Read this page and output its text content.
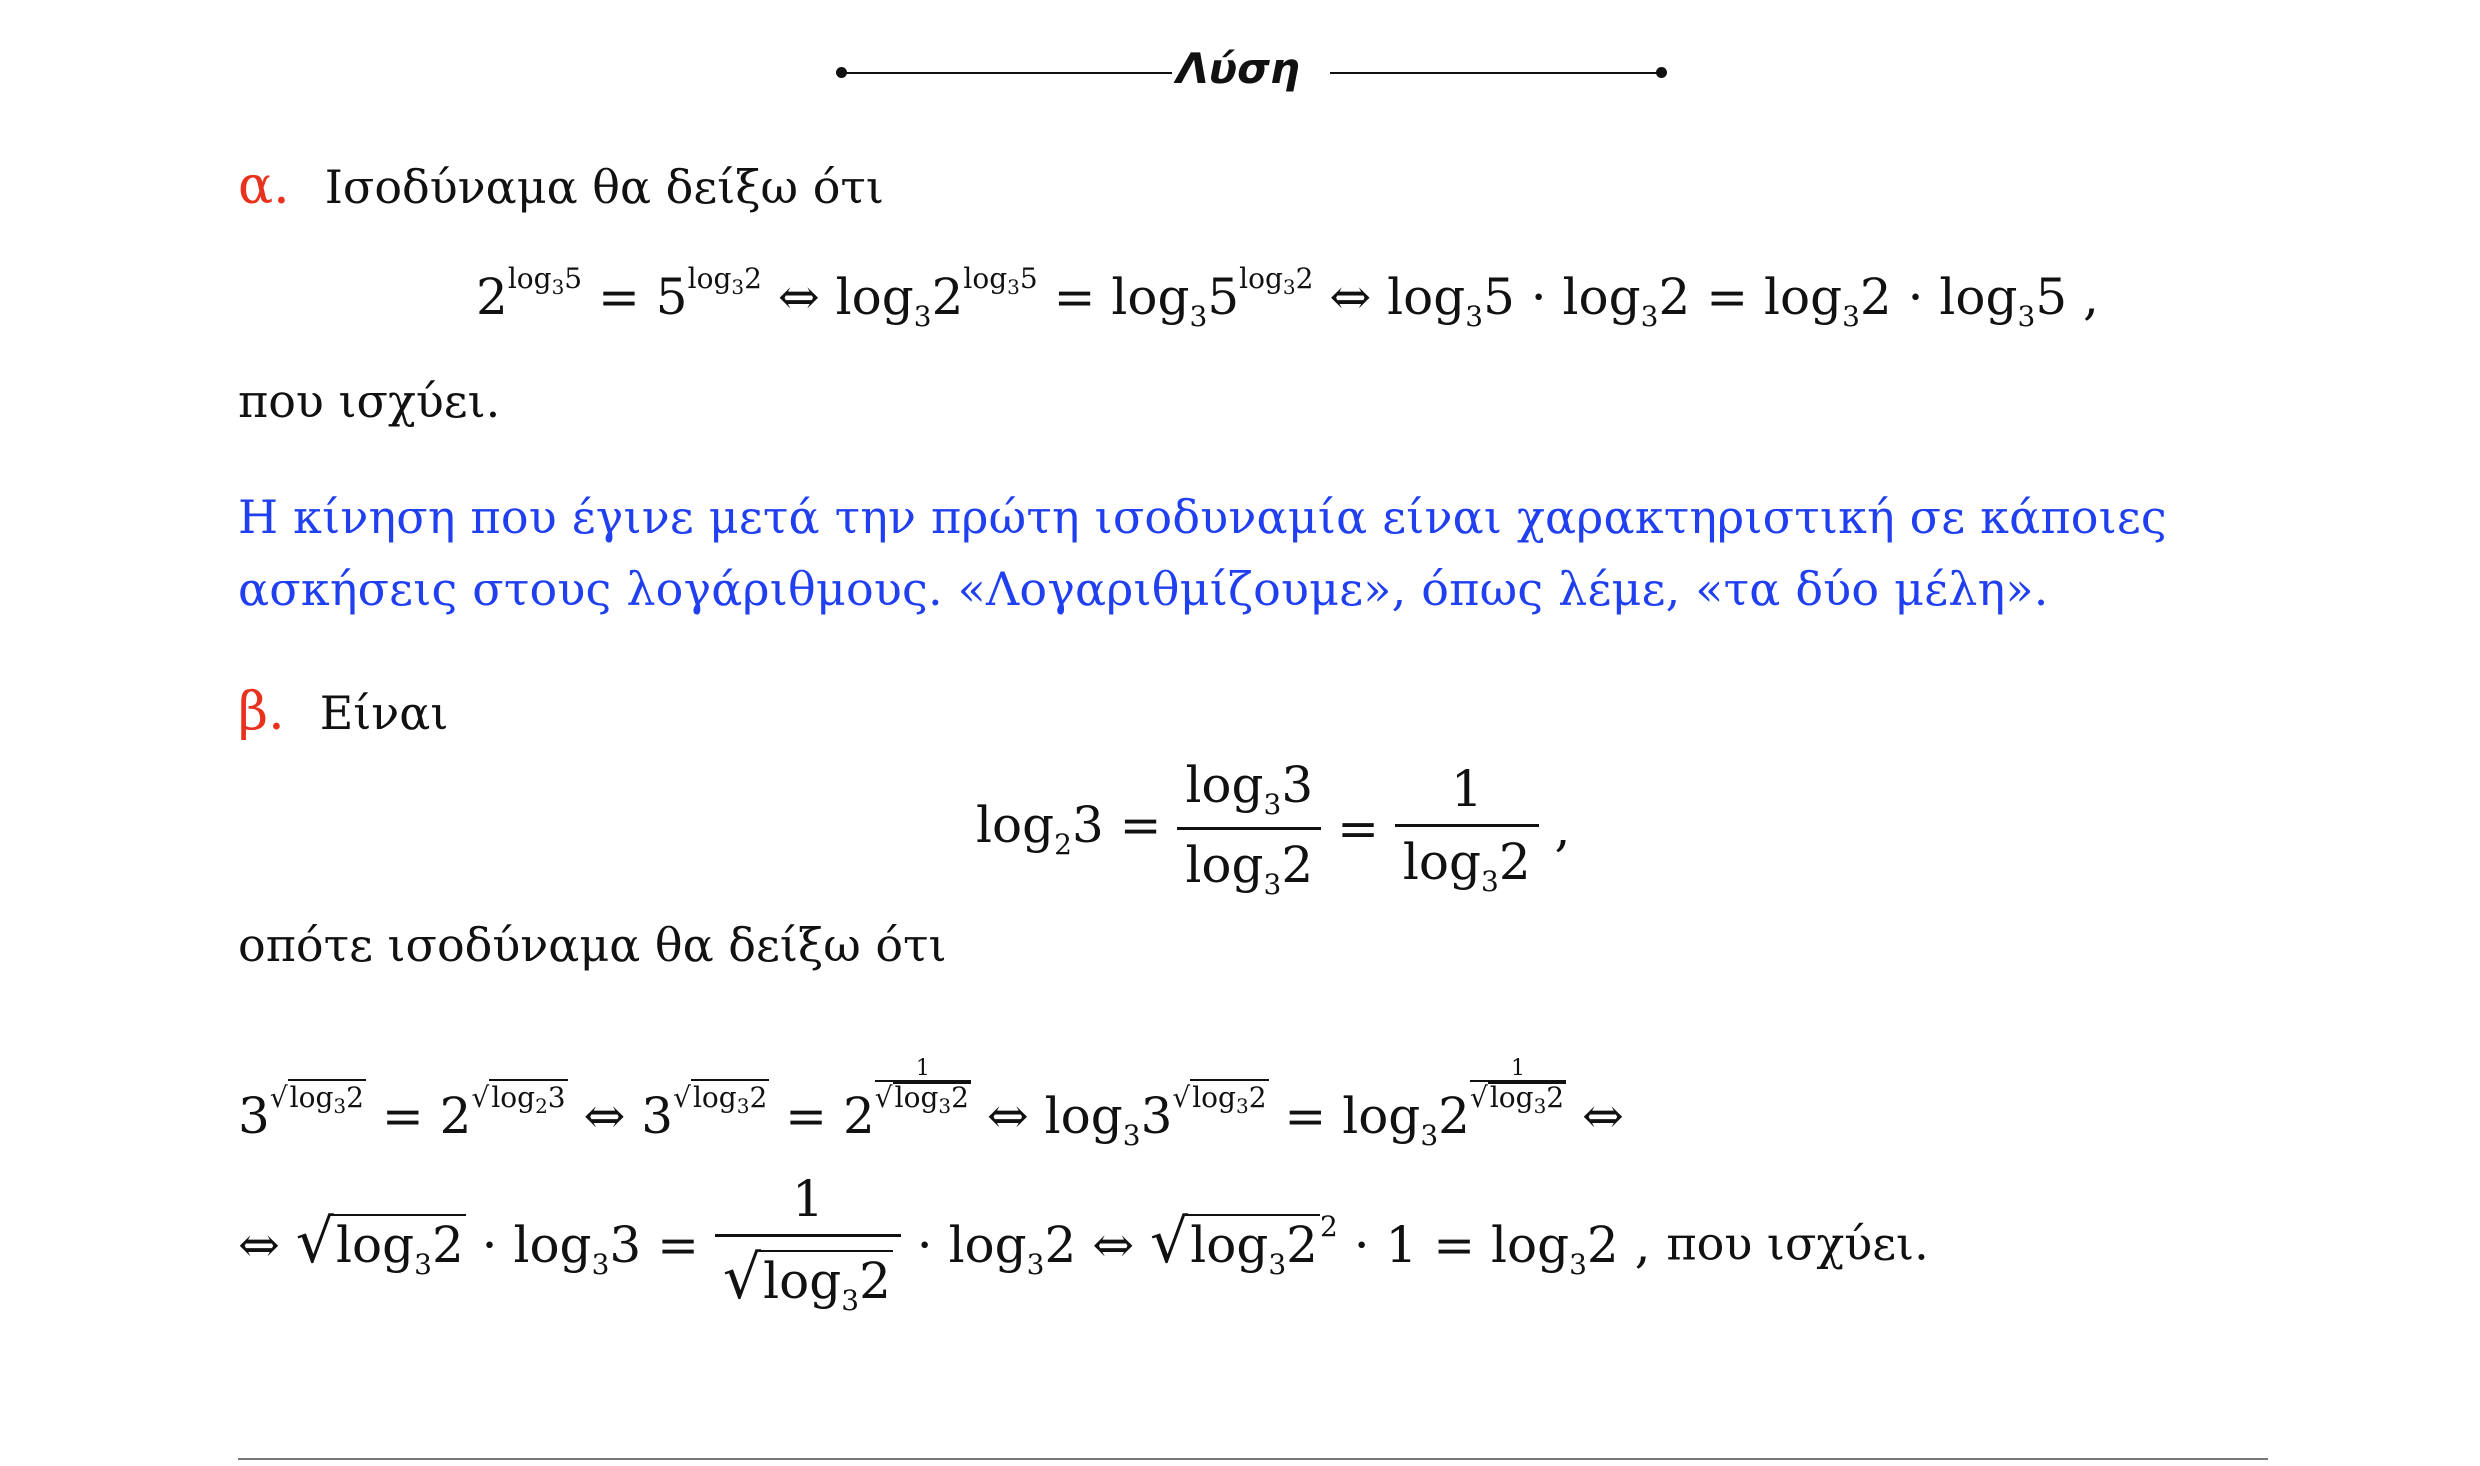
Λύση
α. Ισοδύναμα θα δείξω ότι
$2^{log_35} = 5^{log_32}$ ⇔ $\log_32^{log_35} = \log_35^{log_32}$ ⇔ $\log_35 \cdot \log_32 = \log_32 \cdot \log_35$ ,
που ισχύει.
Η κίνηση που έγινε μετά την πρώτη ισοδυναμία είναι χαρακτηριστική σε κάποιες
ασκήσεις στους λογάριθμους. «Λογαριθμίζουμε», όπως λέμε, «τα δύο μέλη».
β. Είναι
$\log_23 = \frac{\log_33}{\log_32} = \frac{1}{\log_32}$ ,
οπότε ισοδύναμα θα δείξω ότι
$3^{√log_32} = 2^{√log_23}$ ⇔ $3^{√log_32} = 2$
$^{1 √log_32}$ ⇔ $\log_33^{√log_32} = \log_32$
$^{1 √log_32}$ ⇔
⇔ $√\log_32 \cdot \log_33 = \frac{1}{√\log_32} \cdot \log_32$ ⇔ $√\log_32^2 \cdot 1 = \log_32$ , που ισχύει.
